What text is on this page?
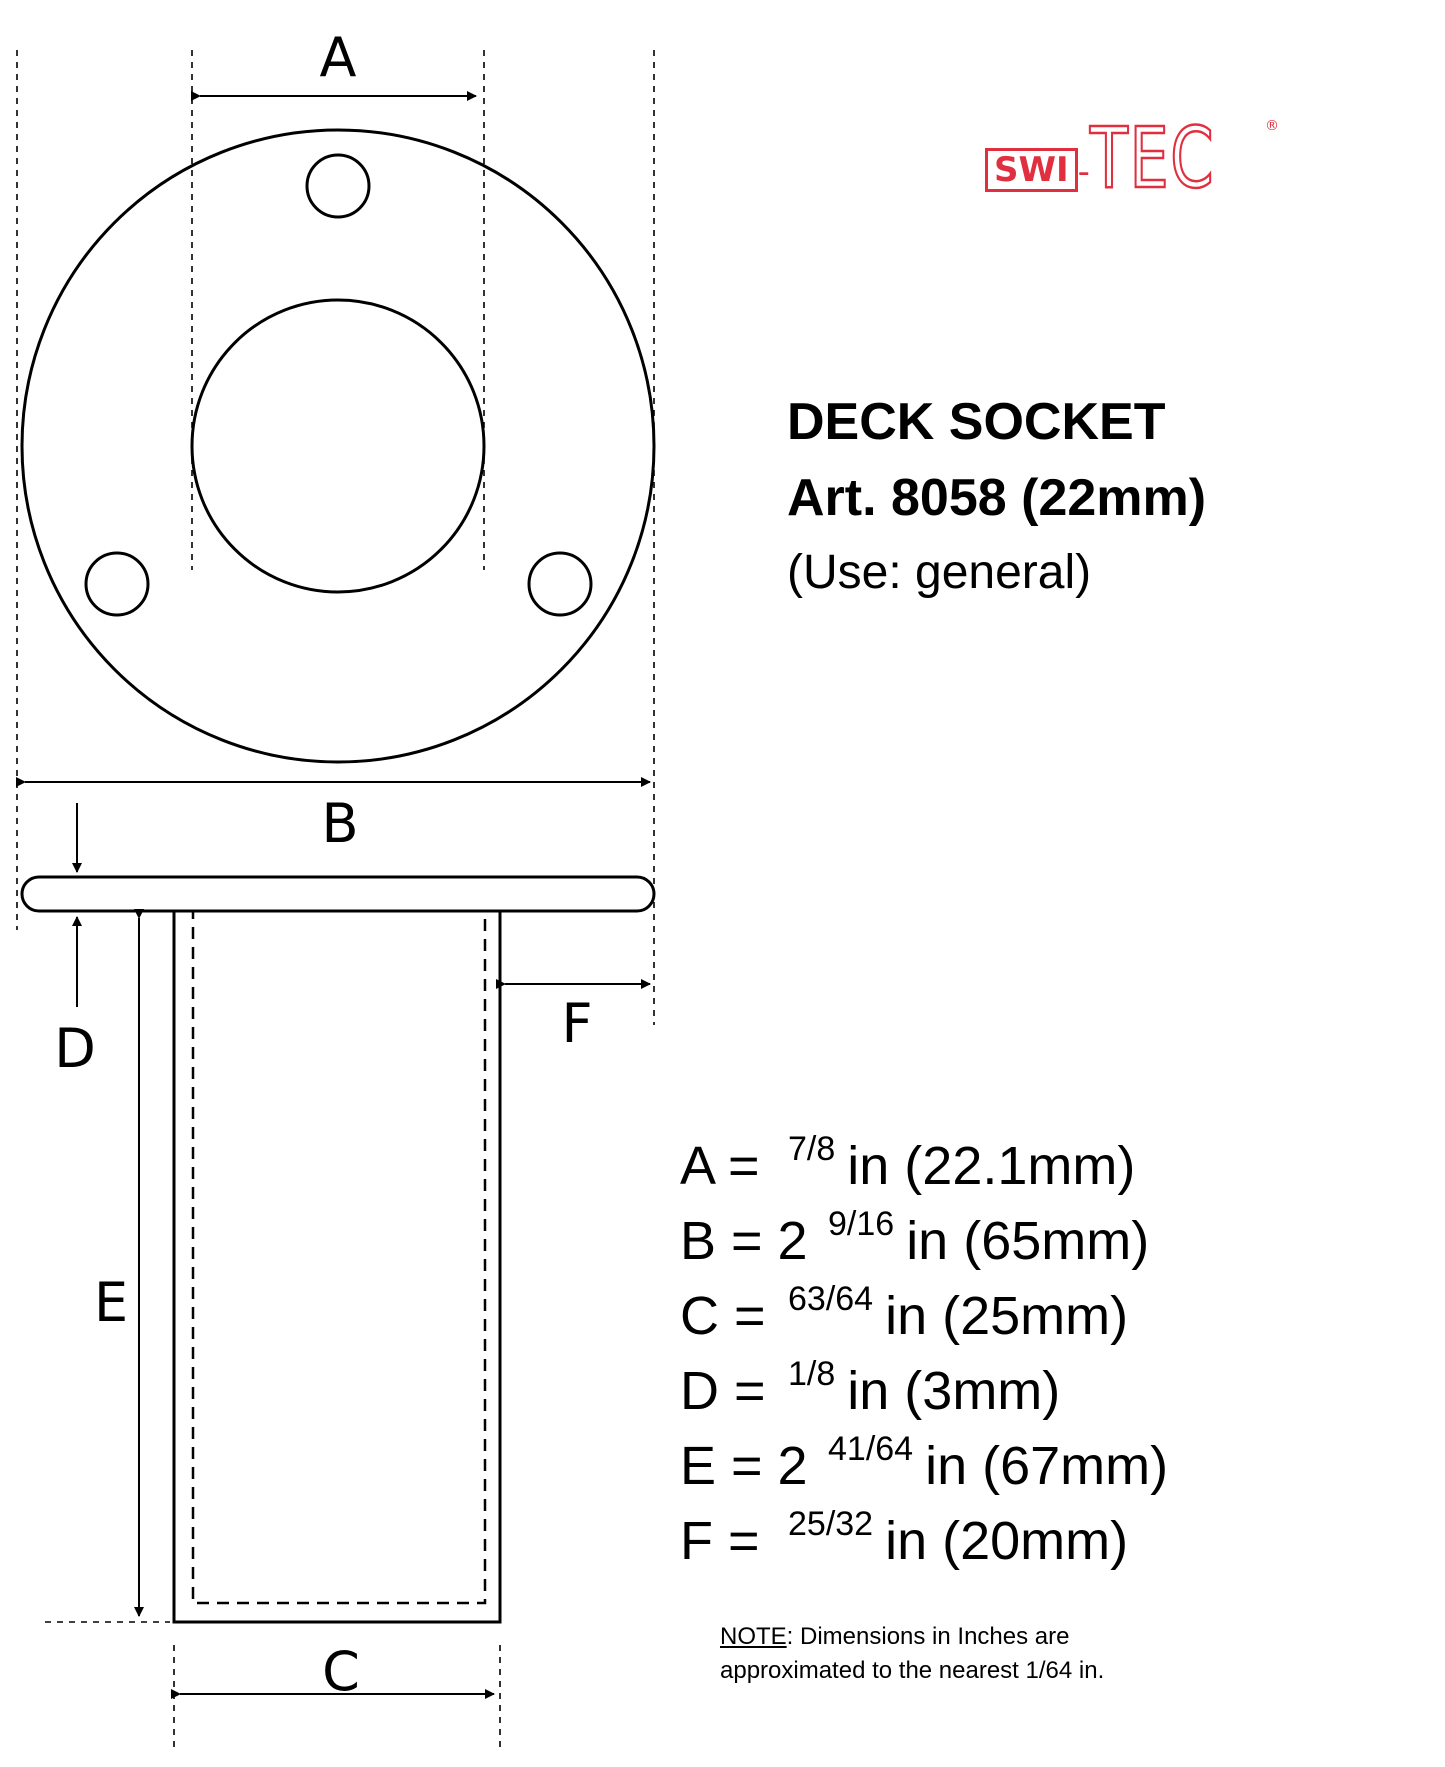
A
B
C
D
E
F
SWI -TEC	®
DECK SOCKET
Art. 8058 (22mm)
(Use: general)
A = 7/8 in (22.1mm)
B = 2 9/16 in (65mm)
C = 63/64 in (25mm)
D = 1/8 in (3mm)
E = 2 41/64 in (67mm)
F = 25/32 in (20mm)
NOTE: Dimensions in Inches are
approximated to the nearest 1/64 in.
